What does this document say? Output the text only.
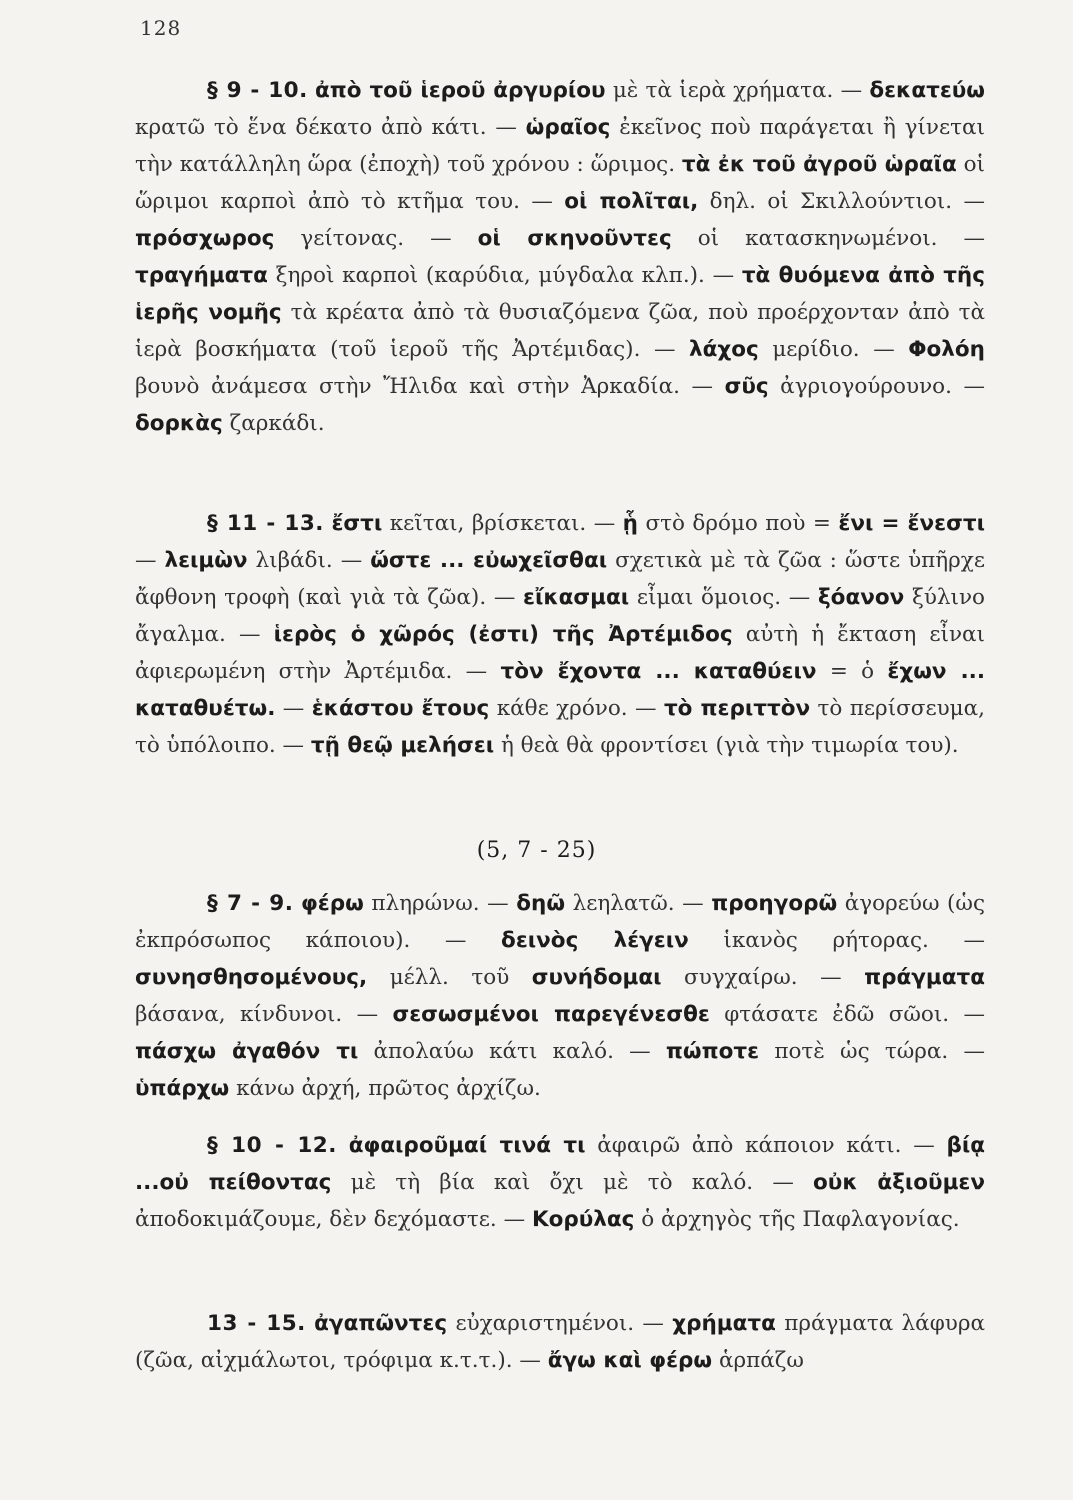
128

§ 9 - 10. ἀπὸ τοῦ ἱεροῦ ἀργυρίου μὲ τὰ ἱερὰ χρήματα. — δεκατεύω κρατῶ τὸ ἕνα δέκατο ἀπὸ κάτι. — ὡραῖος ἐκεῖνος ποὺ παράγεται ἢ γίνεται τὴν κατάλληλη ὥρα (ἐποχὴ) τοῦ χρόνου : ὥριμος. τὰ ἐκ τοῦ ἀγροῦ ὡραῖα οἱ ὥριμοι καρποὶ ἀπὸ τὸ κτῆμα του. — οἱ πολῖται, δηλ. οἱ Σκιλλούντιοι. — πρόσχωρος γείτονας. — οἱ σκηνοῦντες οἱ κατασκηνωμένοι. — τραγήματα ξηροὶ καρποὶ (καρύδια, μύγδαλα κλπ.). — τὰ θυόμενα ἀπὸ τῆς ἱερῆς νομῆς τὰ κρέατα ἀπὸ τὰ θυσιαζόμενα ζῶα, ποὺ προέρχονταν ἀπὸ τὰ ἱερὰ βοσκήματα (τοῦ ἱεροῦ τῆς Ἀρτέμιδας). — λάχος μερίδιο. — Φολόη βουνὸ ἀνάμεσα στὴν Ἤλιδα καὶ στὴν Ἀρκαδία. — σῦς ἀγριογούρουνο. — δορκὰς ζαρκάδι.

§ 11 - 13. ἔστι κεῖται, βρίσκεται. — ᾗ στὸ δρόμο ποὺ = ἔνι = ἔνεστι — λειμὼν λιβάδι. — ὥστε ... εὐωχεῖσθαι σχετικὰ μὲ τὰ ζῶα : ὥστε ὑπῆρχε ἄφθονη τροφὴ (καὶ γιὰ τὰ ζῶα). — εἴκασμαι εἶμαι ὅμοιος. — ξόανον ξύλινο ἄγαλμα. — ἱερὸς ὁ χῶρός (ἐστι) τῆς Ἀρτέμιδος αὐτὴ ἡ ἔκταση εἶναι ἀφιερωμένη στὴν Ἀρτέμιδα. — τὸν ἔχοντα ... καταθύειν = ὁ ἔχων ... καταθυέτω. — ἑκάστου ἔτους κάθε χρόνο. — τὸ περιττὸν τὸ περίσσευμα, τὸ ὑπόλοιπο. — τῇ θεῷ μελήσει ἡ θεὰ θὰ φροντίσει (γιὰ τὴν τιμωρία του).

(5, 7 - 25)

§ 7 - 9. φέρω πληρώνω. — δηῶ λεηλατῶ. — προηγορῶ ἀγορεύω (ὡς ἐκπρόσωπος κάποιου). — δεινὸς λέγειν ἱκανὸς ρήτορας. — συνησθησομένους, μέλλ. τοῦ συνήδομαι συγχαίρω. — πράγματα βάσανα, κίνδυνοι. — σεσωσμένοι παρεγένεσθε φτάσατε ἐδῶ σῶοι. — πάσχω ἀγαθόν τι ἀπολαύω κάτι καλό. — πώποτε ποτὲ ὡς τώρα. — ὑπάρχω κάνω ἀρχή, πρῶτος ἀρχίζω.

§ 10 - 12. ἀφαιροῦμαί τινά τι ἀφαιρῶ ἀπὸ κάποιον κάτι. — βίᾳ ...οὐ πείθοντας μὲ τὴ βία καὶ ὄχι μὲ τὸ καλό. — οὐκ ἀξιοῦμεν ἀποδοκιμάζουμε, δὲν δεχόμαστε. — Κορύλας ὁ ἀρχηγὸς τῆς Παφλαγονίας.

13 - 15. ἀγαπῶντες εὐχαριστημένοι. — χρήματα πράγματα λάφυρα (ζῶα, αἰχμάλωτοι, τρόφιμα κ.τ.τ.). — ἄγω καὶ φέρω ἁρπάζω
